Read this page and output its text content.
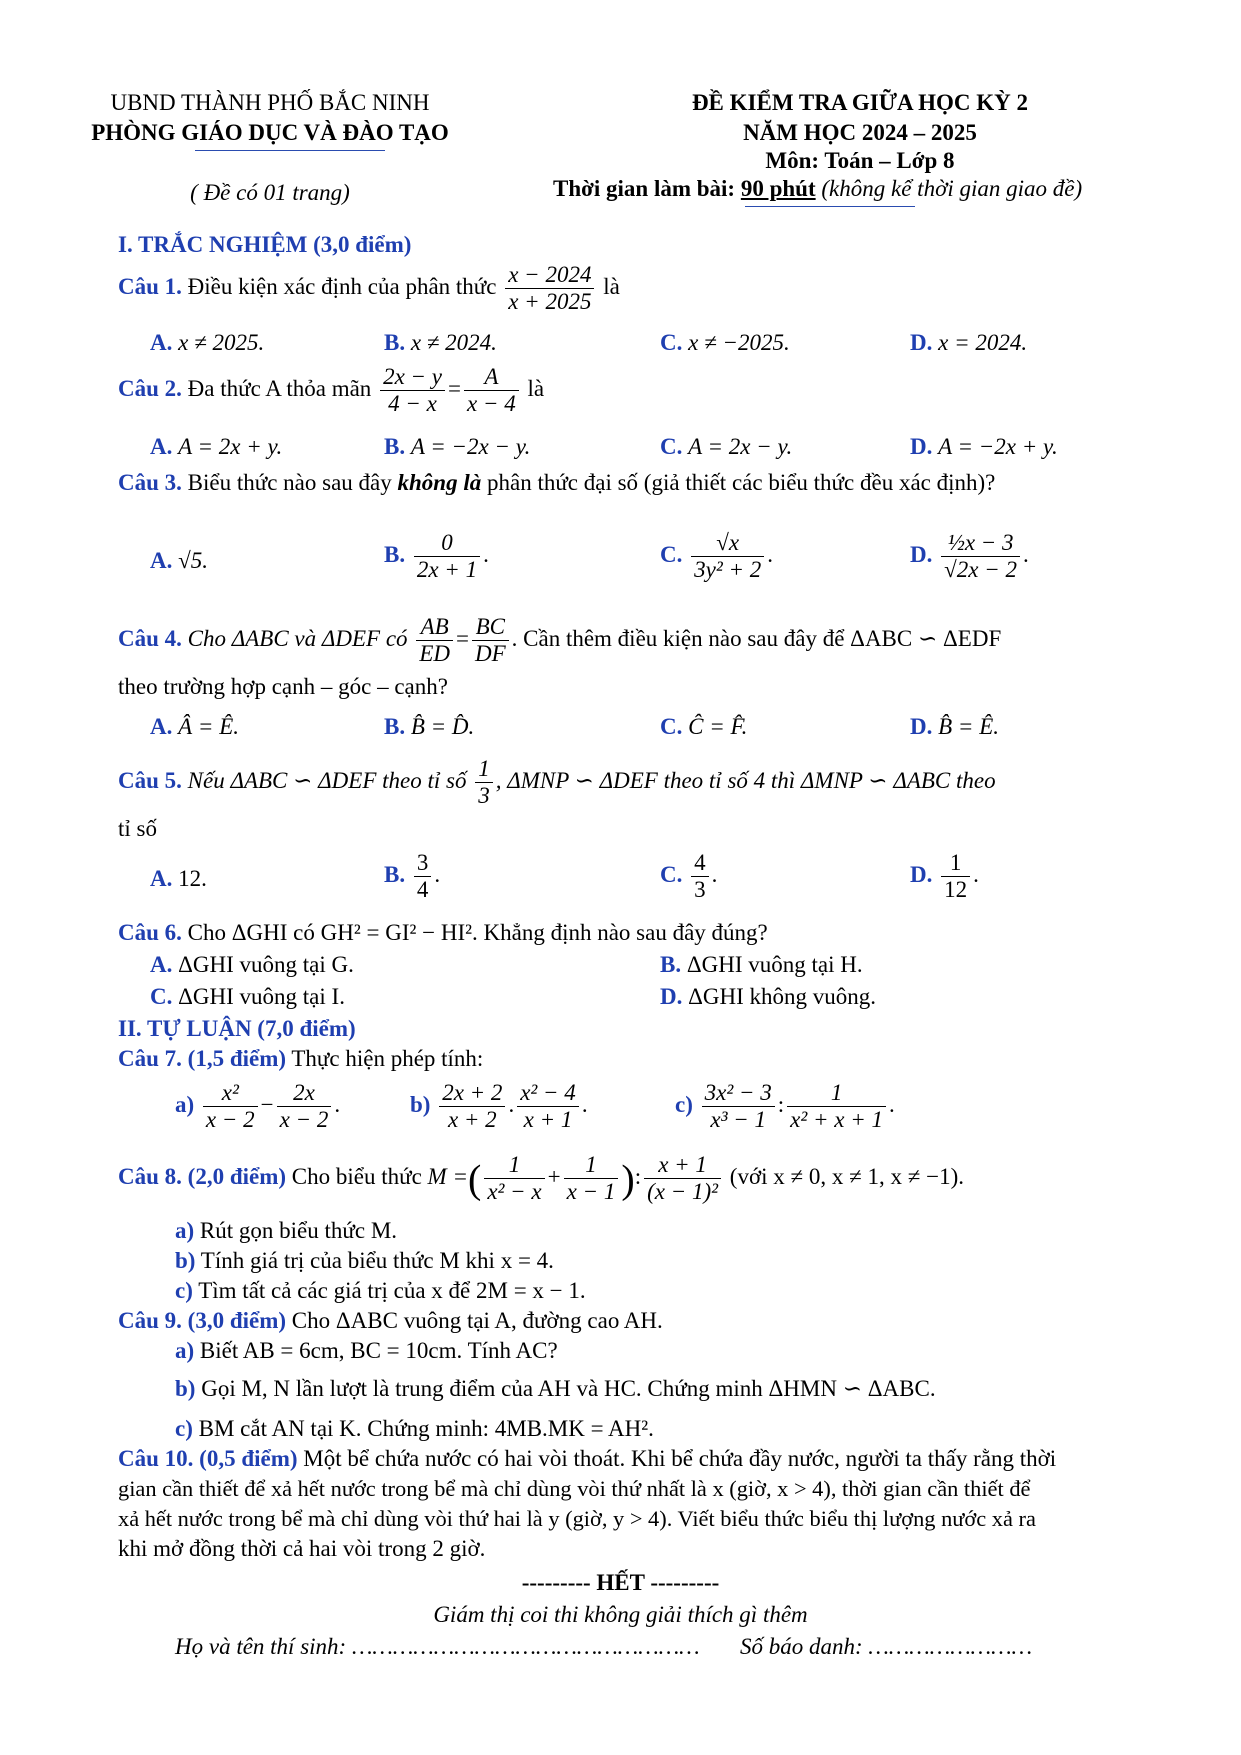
UBND THÀNH PHỐ BẮC NINH
PHÒNG GIÁO DỤC VÀ ĐÀO TẠO
( Đề có 01 trang)
ĐỀ KIỂM TRA GIỮA HỌC KỲ 2
NĂM HỌC 2024 – 2025
Môn: Toán – Lớp 8
Thời gian làm bài: 90 phút (không kể thời gian giao đề)
I. TRẮC NGHIỆM (3,0 điểm)
Câu 1. Điều kiện xác định của phân thức $\frac{x - 2024}{x + 2025}$ là
A. x ≠ 2025.	B. x ≠ 2024.	C. x ≠ −2025.	D. x = 2024.
Câu 2. Đa thức A thỏa mãn $\frac{2x - y}{4 - x} = \frac{A}{x - 4}$ là
A. A = 2x + y.	B. A = −2x − y.	C. A = 2x − y.	D. A = −2x + y.
Câu 3. Biểu thức nào sau đây không là phân thức đại số (giả thiết các biểu thức đều xác định)?
A. √5.	B. $\frac{0}{2x + 1}$ .	C. $\frac{√x}{\text{3y² + 2}}$ .	D. $\frac{\text{½x − 3}}{√2x - 2}$ .
Câu 4. Cho ΔABC và ΔDEF có $\frac{AB}{ED} = \frac{BC}{DF}$ . Cần thêm điều kiện nào sau đây để ΔABC ∽ ΔEDF
theo trường hợp cạnh – góc – cạnh?
A. Â = Ê.	B. B̂ = D̂.	C. Ĉ = F̂.	D. B̂ = Ê.
Câu 5. Nếu ΔABC ∽ ΔDEF theo tỉ số $\frac{1}{3}$ , ΔMNP ∽ ΔDEF theo tỉ số 4 thì ΔMNP ∽ ΔABC theo
tỉ số
A. 12.	B. $\frac{3}{4}$ .	C. $\frac{4}{3}$ .	D. $\frac{1}{12}$ .
Câu 6. Cho ΔGHI có GH² = GI² − HI². Khẳng định nào sau đây đúng?
A. ΔGHI vuông tại G.	B. ΔGHI vuông tại H.
C. ΔGHI vuông tại I.	D. ΔGHI không vuông.
II. TỰ LUẬN (7,0 điểm)
Câu 7. (1,5 điểm) Thực hiện phép tính:
$a) \frac{\text{x²}}{x - 2} - \frac{2x}{x - 2}$ .	$b) \frac{2x + 2}{x + 2}$ . $\frac{\text{x² − 4}}{x + 1}$ .	$c) \frac{\text{3x² − 3}}{\text{x³ − 1}}$ : $\frac{1}{\text{x² + x + 1}}$ .
Câu 8. (2,0 điểm) Cho biểu thức M =( $\frac{1}{\text{x² − x}} + \frac{1}{x - 1}$ ): $\frac{x + 1}{\text{(x − 1)²}}$ (với x ≠ 0, x ≠ 1, x ≠ −1).
a) Rút gọn biểu thức M.
b) Tính giá trị của biểu thức M khi x = 4.
c) Tìm tất cả các giá trị của x để 2M = x − 1.
Câu 9. (3,0 điểm) Cho ΔABC vuông tại A, đường cao AH.
a) Biết AB = 6cm, BC = 10cm. Tính AC?
b) Gọi M, N lần lượt là trung điểm của AH và HC. Chứng minh ΔHMN ∽ ΔABC.
c) BM cắt AN tại K. Chứng minh: 4MB.MK = AH².
Câu 10. (0,5 điểm) Một bể chứa nước có hai vòi thoát. Khi bể chứa đầy nước, người ta thấy rằng thời
gian cần thiết để xả hết nước trong bể mà chỉ dùng vòi thứ nhất là x (giờ, x > 4), thời gian cần thiết để
xả hết nước trong bể mà chỉ dùng vòi thứ hai là y (giờ, y > 4). Viết biểu thức biểu thị lượng nước xả ra
khi mở đồng thời cả hai vòi trong 2 giờ.
--------- HẾT ---------
Giám thị coi thi không giải thích gì thêm
Họ và tên thí sinh: …………………………………………… Số báo danh: ……………………
